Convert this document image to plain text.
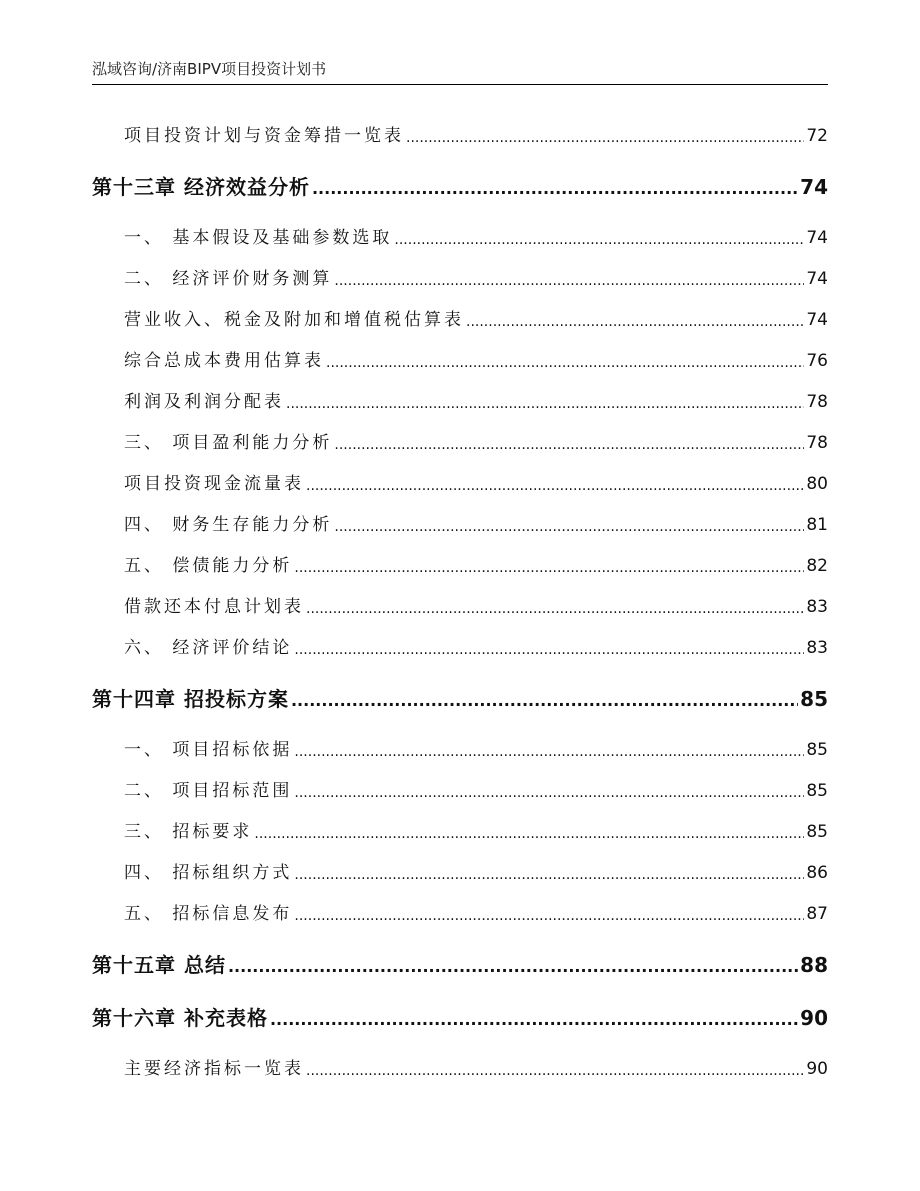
泓域咨询/济南BIPV项目投资计划书
项目投资计划与资金筹措一览表 .....	72
第十三章 经济效益分析 .....	74
一、 基本假设及基础参数选取 .....	74
二、 经济评价财务测算 .....	74
营业收入、税金及附加和增值税估算表 .....	74
综合总成本费用估算表 .....	76
利润及利润分配表 .....	78
三、 项目盈利能力分析 .....	78
项目投资现金流量表 .....	80
四、 财务生存能力分析 .....	81
五、 偿债能力分析 .....	82
借款还本付息计划表 .....	83
六、 经济评价结论 .....	83
第十四章 招投标方案 .....	85
一、 项目招标依据 .....	85
二、 项目招标范围 .....	85
三、 招标要求 .....	85
四、 招标组织方式 .....	86
五、 招标信息发布 .....	87
第十五章 总结 .....	88
第十六章 补充表格 .....	90
主要经济指标一览表 .....	90
